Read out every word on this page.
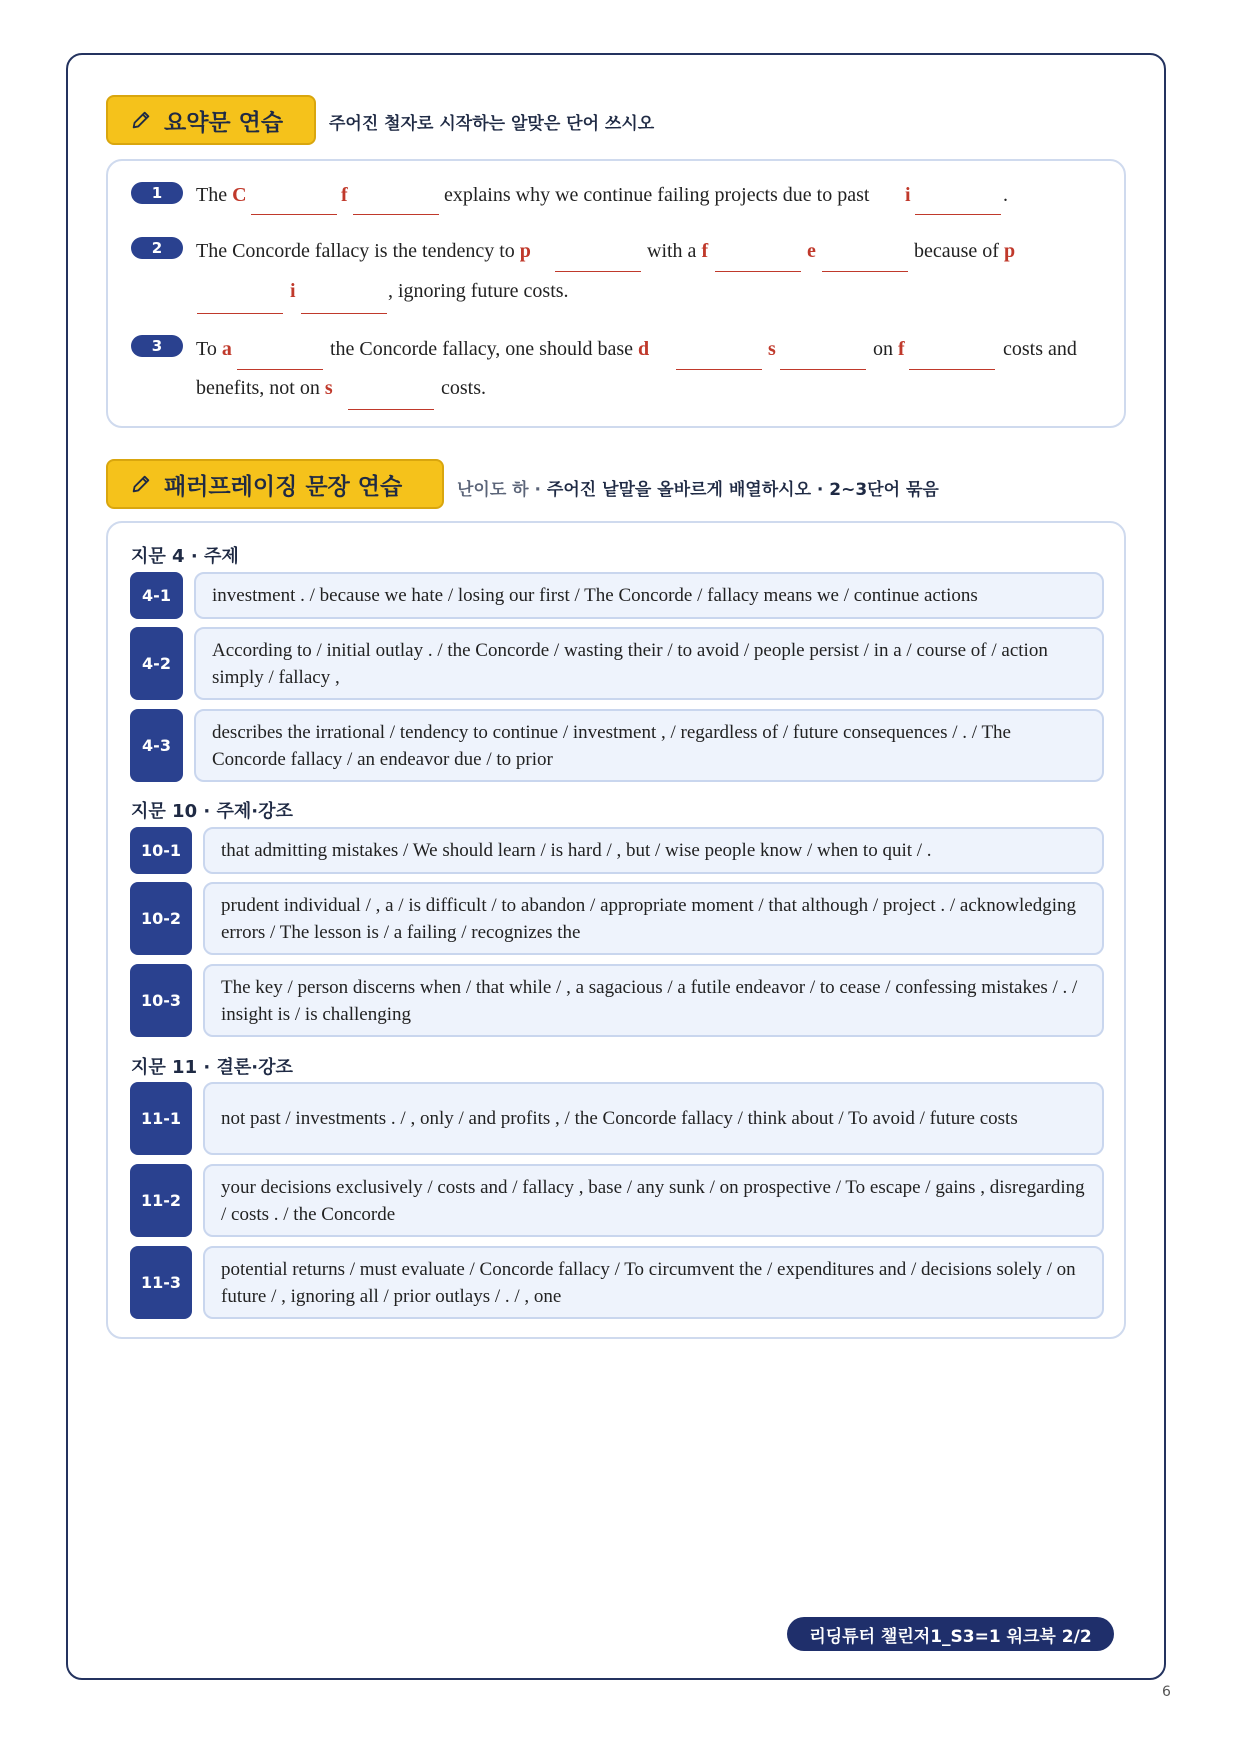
요약문 연습	주어진 철자로 시작하는 알맞은 단어 쓰시오
1	The C	f	explains why we continue failing projects due to past i	.
2	The Concorde fallacy is the tendency to p	with a f	e	because of p
i	, ignoring future costs.
3	To a	the Concorde fallacy, one should base d	s	on f	costs and
benefits, not on s	costs.
패러프레이징 문장 연습	난이도 하 · 주어진 낱말을 올바르게 배열하시오 · 2~3단어 묶음
지문 4 · 주제
4-1	investment . / because we hate / losing our first / The Concorde / fallacy means we / continue actions
4-2
According to / initial outlay . / the Concorde / wasting their / to avoid / people persist / in a / course of / action simply / fallacy ,
4-3
describes the irrational / tendency to continue / investment , / regardless of / future consequences / . / The Concorde fallacy / an endeavor due / to prior
지문 10 · 주제·강조
10-1	that admitting mistakes / We should learn / is hard / , but / wise people know / when to quit / .
10-2
prudent individual / , a / is difficult / to abandon / appropriate moment / that although / project . / acknowledging errors / The lesson is / a failing / recognizes the
10-3
The key / person discerns when / that while / , a sagacious / a futile endeavor / to cease / confessing mistakes / . / insight is / is challenging
지문 11 · 결론·강조
11-1	not past / investments . / , only / and profits , / the Concorde fallacy / think about / To avoid / future costs
11-2
your decisions exclusively / costs and / fallacy , base / any sunk / on prospective / To escape / gains , disregarding / costs . / the Concorde
11-3
potential returns / must evaluate / Concorde fallacy / To circumvent the / expenditures and / decisions solely / on future / , ignoring all / prior outlays / . / , one
리딩튜터 챌린저1_S3=1 워크북 2/2
6
